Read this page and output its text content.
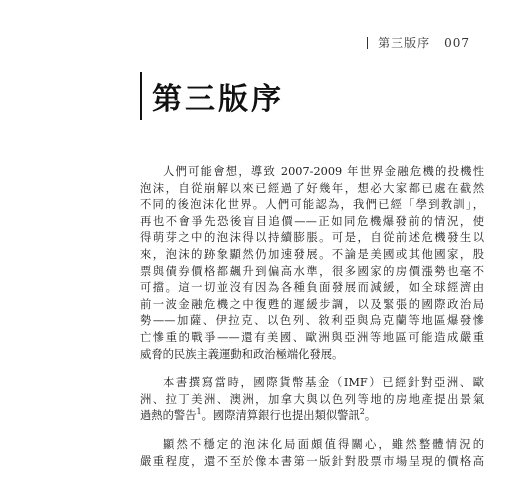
第三版序 007
第三版序

人們可能會想，導致 2007-2009 年世界金融危機的投機性
泡沫，自從崩解以來已經過了好幾年，想必大家都已處在截然
不同的後泡沫化世界。人們可能認為，我們已經「學到教訓」，
再也不會爭先恐後盲目追價——正如同危機爆發前的情況，使
得萌芽之中的泡沫得以持續膨脹。可是，自從前述危機發生以
來，泡沫的跡象顯然仍加速發展。不論是美國或其他國家，股
票與債券價格都飆升到偏高水準，很多國家的房價漲勢也毫不
可擋。這一切並沒有因為各種負面發展而減緩，如全球經濟由
前一波金融危機之中復甦的遲緩步調，以及緊張的國際政治局
勢——加薩、伊拉克、以色列、敘利亞與烏克蘭等地區爆發慘
亡慘重的戰爭——還有美國、歐洲與亞洲等地區可能造成嚴重
威脅的民族主義運動和政治極端化發展。

本書撰寫當時，國際貨幣基金（IMF）已經針對亞洲、歐
洲、拉丁美洲、澳洲，加拿大與以色列等地的房地產提出景氣
過熱的警告$^1$。國際清算銀行也提出類似警訊$^2$。

顯然不穩定的泡沫化局面頗值得關心，雖然整體情況的
嚴重程度，還不至於像本書第一版針對股票市場呈現的價格高
